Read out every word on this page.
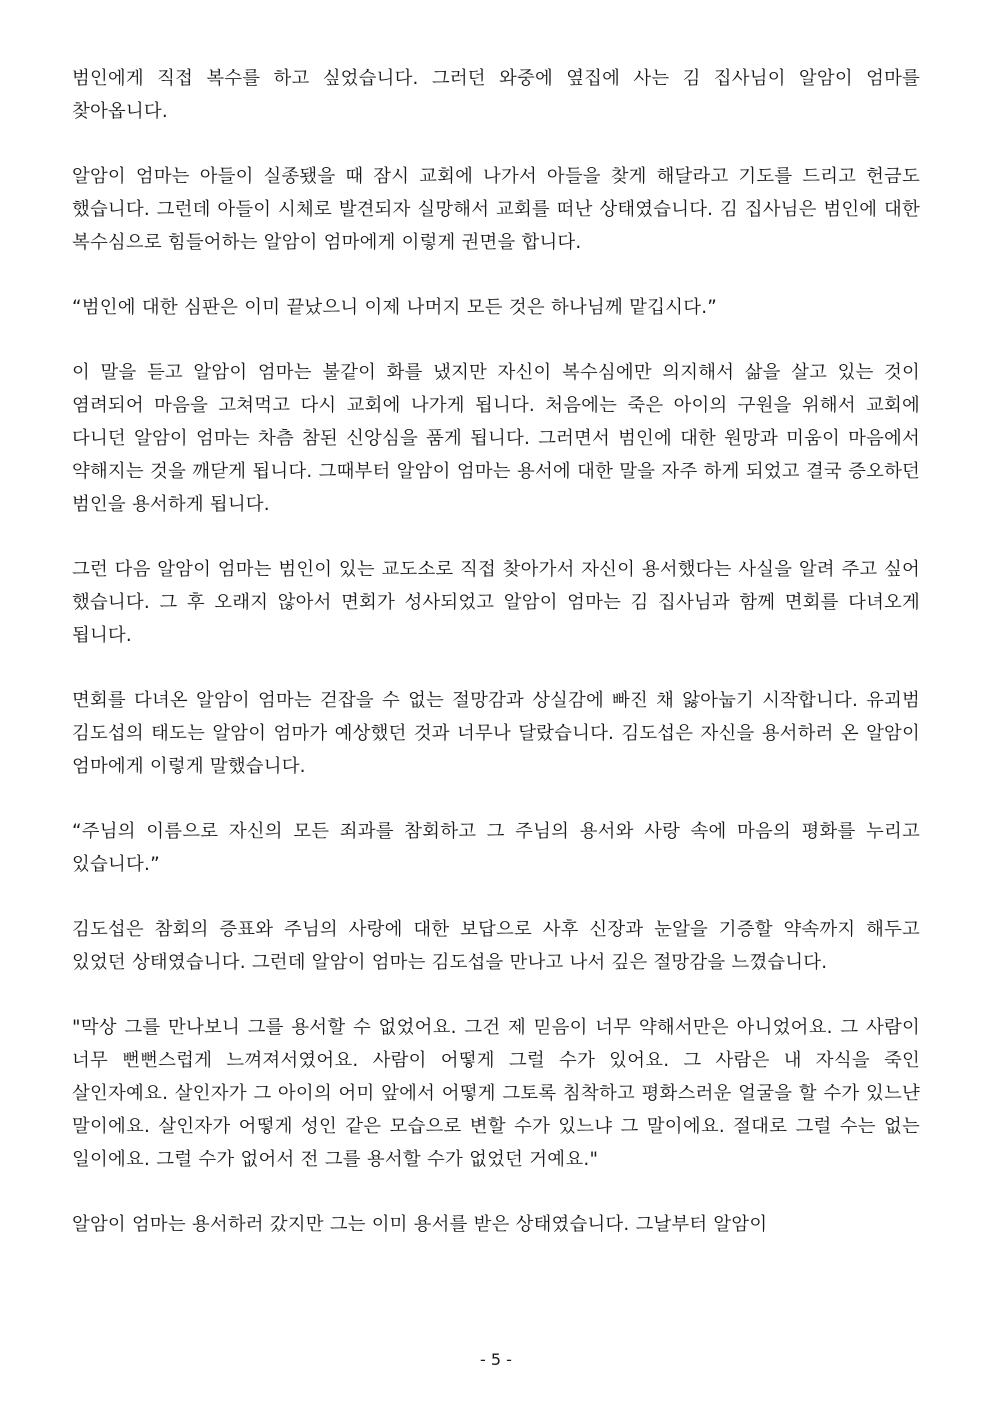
범인에게 직접 복수를 하고 싶었습니다. 그러던 와중에 옆집에 사는 김 집사님이 알암이 엄마를 찾아옵니다.

알암이 엄마는 아들이 실종됐을 때 잠시 교회에 나가서 아들을 찾게 해달라고 기도를 드리고 헌금도 했습니다. 그런데 아들이 시체로 발견되자 실망해서 교회를 떠난 상태였습니다. 김 집사님은 범인에 대한 복수심으로 힘들어하는 알암이 엄마에게 이렇게 권면을 합니다.

“범인에 대한 심판은 이미 끝났으니 이제 나머지 모든 것은 하나님께 맡깁시다.”

이 말을 듣고 알암이 엄마는 불같이 화를 냈지만 자신이 복수심에만 의지해서 삶을 살고 있는 것이 염려되어 마음을 고쳐먹고 다시 교회에 나가게 됩니다. 처음에는 죽은 아이의 구원을 위해서 교회에 다니던 알암이 엄마는 차츰 참된 신앙심을 품게 됩니다. 그러면서 범인에 대한 원망과 미움이 마음에서 약해지는 것을 깨닫게 됩니다. 그때부터 알암이 엄마는 용서에 대한 말을 자주 하게 되었고 결국 증오하던 범인을 용서하게 됩니다.

그런 다음 알암이 엄마는 범인이 있는 교도소로 직접 찾아가서 자신이 용서했다는 사실을 알려 주고 싶어 했습니다. 그 후 오래지 않아서 면회가 성사되었고 알암이 엄마는 김 집사님과 함께 면회를 다녀오게 됩니다.

면회를 다녀온 알암이 엄마는 걷잡을 수 없는 절망감과 상실감에 빠진 채 앓아눕기 시작합니다. 유괴범 김도섭의 태도는 알암이 엄마가 예상했던 것과 너무나 달랐습니다. 김도섭은 자신을 용서하러 온 알암이 엄마에게 이렇게 말했습니다.

“주님의 이름으로 자신의 모든 죄과를 참회하고 그 주님의 용서와 사랑 속에 마음의 평화를 누리고 있습니다.”

김도섭은 참회의 증표와 주님의 사랑에 대한 보답으로 사후 신장과 눈알을 기증할 약속까지 해두고 있었던 상태였습니다. 그런데 알암이 엄마는 김도섭을 만나고 나서 깊은 절망감을 느꼈습니다.

"막상 그를 만나보니 그를 용서할 수 없었어요. 그건 제 믿음이 너무 약해서만은 아니었어요. 그 사람이 너무 뻔뻔스럽게 느껴져서였어요. 사람이 어떻게 그럴 수가 있어요. 그 사람은 내 자식을 죽인 살인자예요. 살인자가 그 아이의 어미 앞에서 어떻게 그토록 침착하고 평화스러운 얼굴을 할 수가 있느냔 말이에요. 살인자가 어떻게 성인 같은 모습으로 변할 수가 있느냐 그 말이에요. 절대로 그럴 수는 없는 일이에요. 그럴 수가 없어서 전 그를 용서할 수가 없었던 거예요."

알암이 엄마는 용서하러 갔지만 그는 이미 용서를 받은 상태였습니다. 그날부터 알암이

- 5 -
